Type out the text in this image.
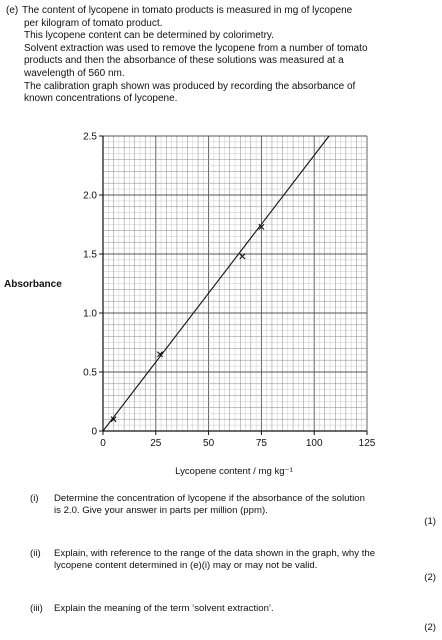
(e) The content of lycopene in tomato products is measured in mg of lycopene

per kilogram of tomato product.

This lycopene content can be determined by colorimetry.

Solvent extraction was used to remove the lycopene from a number of tomato

products and then the absorbance of these solutions was measured at a

wavelength of 560 nm.

The calibration graph shown was produced by recording the absorbance of

known concentrations of lycopene.

0	25	50	75	100	125
0
0.5
1.0
1.5
2.0
2.5
Absorbance
Lycopene content / mg kg⁻¹
(i) Determine the concentration of lycopene if the absorbance of the solution
is 2.0. Give your answer in parts per million (ppm).
(1)
(ii) Explain, with reference to the range of the data shown in the graph, why the
lycopene content determined in (e)(i) may or may not be valid.
(2)
(iii) Explain the meaning of the term ‘solvent extraction’.
(2)
